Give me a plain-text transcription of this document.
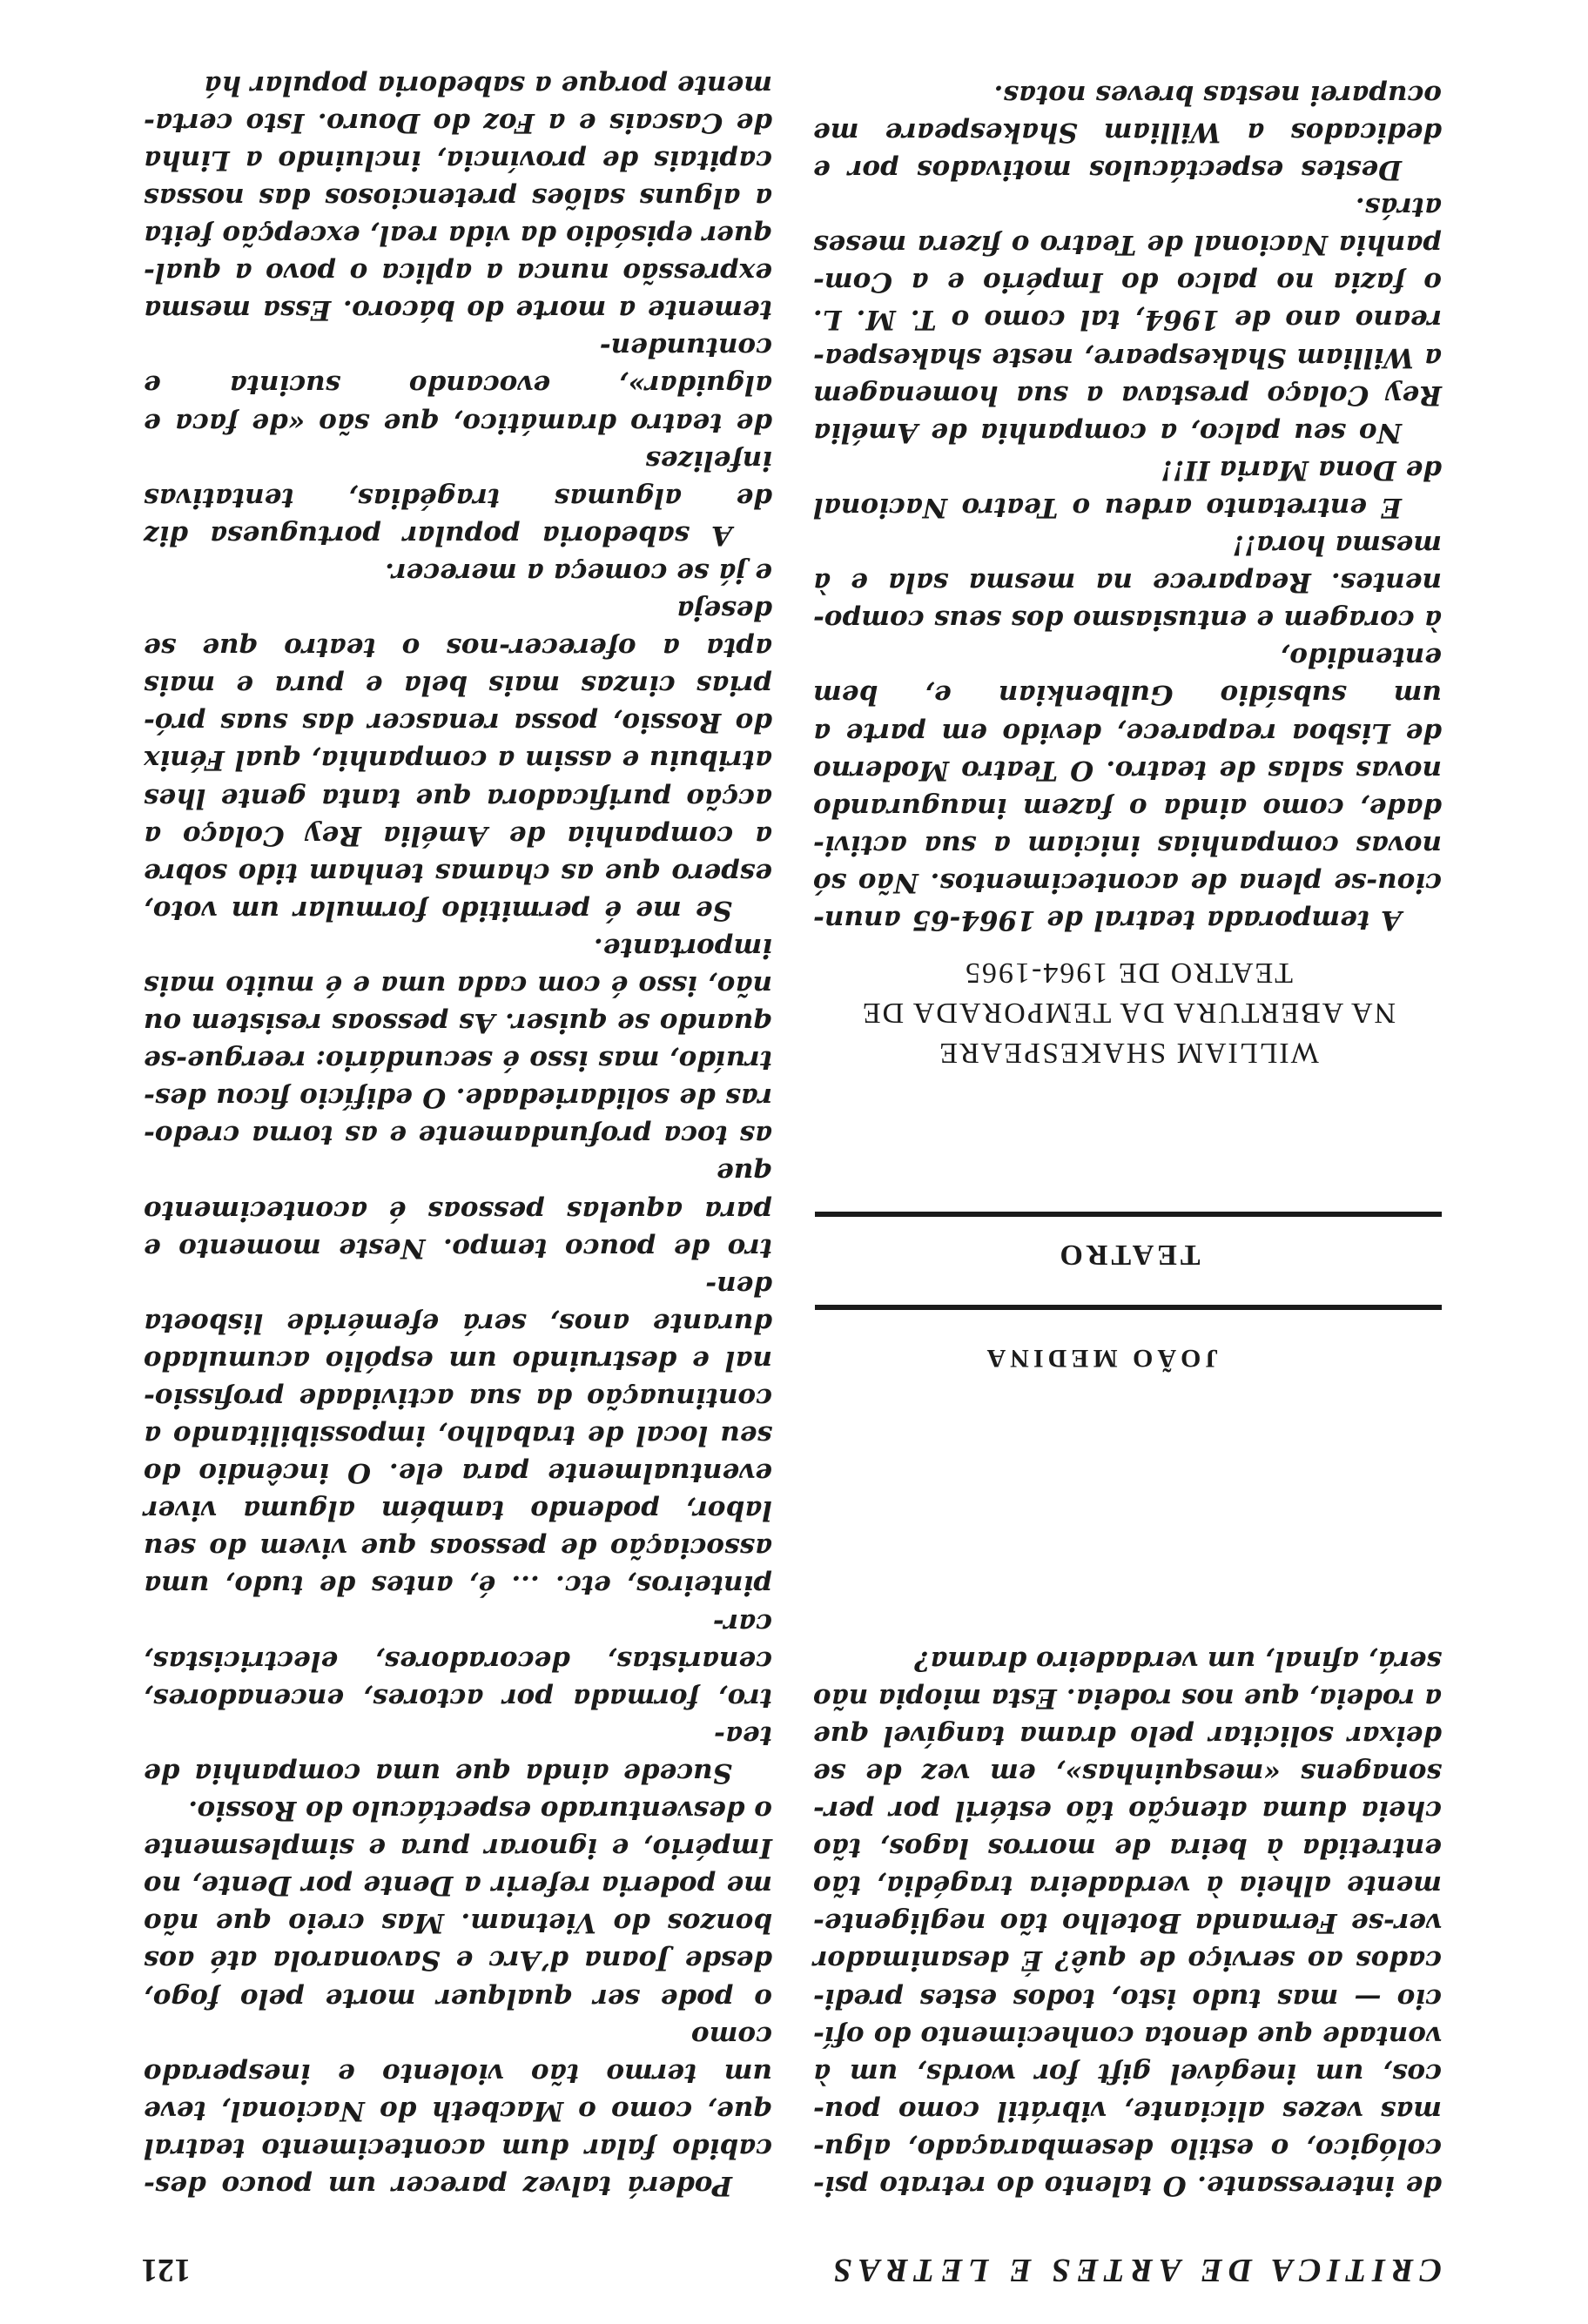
CRITICA DE ARTES E LETRAS
121

de interessante. O talento do retrato psi-
cológico, o estilo desembaraçado, algu-
mas vezes aliciante, vibrátil como pou-
cos, um inegável gift for words, um à
vontade que denota conhecimento do ofí-
cio — mas tudo isto, todos estes predi-
cados ao serviço de quê? É desanimador
ver-se Fernanda Botelho tão negligente-
mente alheia à verdadeira tragédia, tão
entretida à beira de morros lagos, tão
cheia duma atenção tão estéril por per-
sonagens «mesquinhas», em vez de se
deixar solicitar pelo drama tangível que
a rodeia, que nos rodeia. Esta miopia não
será, afinal, um verdadeiro drama?

JOÃO MEDINA
TEATRO
WILLIAM SHAKESPEARE
NA ABERTURA DA TEMPORADA DE
TEATRO DE 1964-1965

A temporada teatral de 1964-65 anun-
ciou-se plena de acontecimentos. Não só
novas companhias iniciam a sua activi-
dade, como ainda o fazem inaugurando
novas salas de teatro. O Teatro Moderno
de Lisboa reaparece, devido em parte a
um subsídio Gulbenkian e, bem entendido,
à coragem e entusiasmo dos seus compo-
nentes. Reaparece na mesma sala e à
mesma hora!!

E entretanto ardeu o Teatro Nacional
de Dona Maria II!!

No seu palco, a companhia de Amélia
Rey Colaço prestava a sua homenagem
a William Shakespeare, neste shakespea-
reano ano de 1964, tal como o T. M. L.
o fazia no palco do Império e a Com-
panhia Nacional de Teatro o fizera meses
atrás.

Destes espectáculos motivados por e
dedicados a William Shakespeare me
ocuparei nestas breves notas.

Poderá talvez parecer um pouco des-
cabido falar dum acontecimento teatral
que, como o Macbeth do Nacional, teve
um termo tão violento e inesperado como
o pode ser qualquer morte pelo fogo,
desde Joana d’Arc e Savonarola até aos
bonzos do Vietnam. Mas creio que não
me poderia referir a Dente por Dente, no
Império, e ignorar pura e simplesmente
o desventurado espectáculo do Rossio.

Sucede ainda que uma companhia de tea-
tro, formada por actores, encenadores,
cenaristas, decoradores, electricistas, car-
pinteiros, etc. ... é, antes de tudo, uma
associação de pessoas que vivem do seu
labor, podendo também alguma viver
eventualmente para ele. O incêndio do
seu local de trabalho, impossibilitando a
continuação da sua actividade profissio-
nal e destruindo um espólio acumulado
durante anos, será efeméride lisboeta den-
tro de pouco tempo. Neste momento e
para aquelas pessoas é acontecimento que
as toca profundamente e as torna credo-
ras de solidariedade. O edifício ficou des-
truído, mas isso é secundário: reergue-se
quando se quiser. As pessoas resistem ou
não, isso é com cada uma e é muito mais
importante.

Se me é permitido formular um voto,
espero que as chamas tenham tido sobre
a companhia de Amélia Rey Colaço a
acção purificadora que tanta gente lhes
atribuiu e assim a companhia, qual Fénix
do Rossio, possa renascer das suas pró-
prias cinzas mais bela e pura e mais
apta a oferecer-nos o teatro que se deseja
e já se começa a merecer.

A sabedoria popular portuguesa diz
de algumas tragédias, tentativas infelizes
de teatro dramático, que são «de faca e
alguidar», evocando sucinta e contunden-
temente a morte do bácoro. Essa mesma
expressão nunca a aplica o povo a qual-
quer episódio da vida real, excepção feita
a alguns salões pretenciosos das nossas
capitais de província, incluindo a Linha
de Cascais e a Foz do Douro. Isto certa-
mente porque a sabedoria popular há
